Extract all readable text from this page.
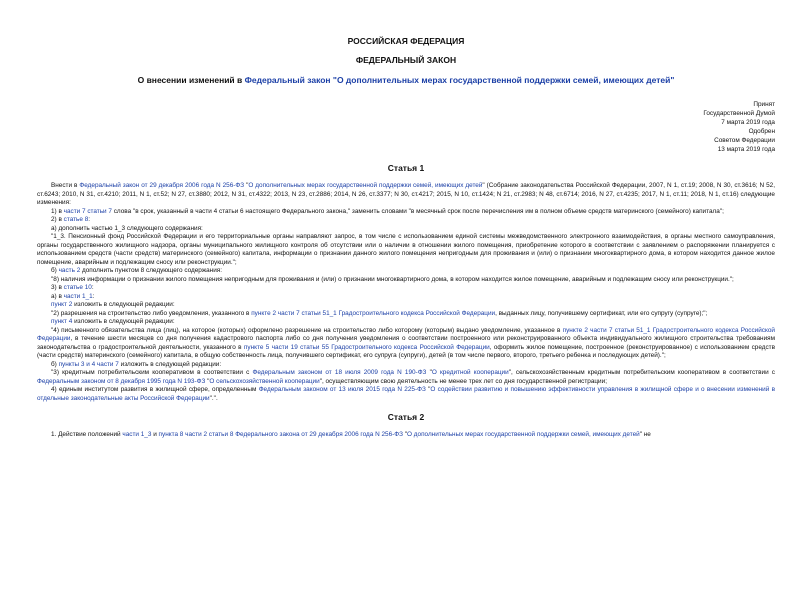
РОССИЙСКАЯ ФЕДЕРАЦИЯ
ФЕДЕРАЛЬНЫЙ ЗАКОН
О внесении изменений в Федеральный закон "О дополнительных мерах государственной поддержки семей, имеющих детей"
Принят
Государственной Думой
7 марта 2019 года
Одобрен
Советом Федерации
13 марта 2019 года
Статья 1

Внести в Федеральный закон от 29 декабря 2006 года N 256-ФЗ "О дополнительных мерах государственной поддержки семей, имеющих детей" (Собрание законодательства Российской Федерации, 2007, N 1, ст.19; 2008, N 30, ст.3616; N 52, ст.6243; 2010, N 31, ст.4210; 2011, N 1, ст.52; N 27, ст.3880; 2012, N 31, ст.4322; 2013, N 23, ст.2886; 2014, N 26, ст.3377; N 30, ст.4217; 2015, N 10, ст.1424; N 21, ст.2983; N 48, ст.6714; 2016, N 27, ст.4235; 2017, N 1, ст.11; 2018, N 1, ст.16) следующие изменения:

1) в части 7 статьи 7 слова "в срок, указанный в части 4 статьи 6 настоящего Федерального закона," заменить словами "в месячный срок после перечисления им в полном объеме средств материнского (семейного) капитала";

2) в статье 8:

а) дополнить частью 1_3 следующего содержания:

"1_3. Пенсионный фонд Российской Федерации и его территориальные органы направляют запрос, в том числе с использованием единой системы межведомственного электронного взаимодействия, в органы местного самоуправления, органы государственного жилищного надзора, органы муниципального жилищного контроля об отсутствии или о наличии в отношении жилого помещения, приобретение которого в соответствии с заявлением о распоряжении планируется с использованием средств (части средств) материнского (семейного) капитала, информации о признании данного жилого помещения непригодным для проживания и (или) о признании многоквартирного дома, в котором находится данное жилое помещение, аварийным и подлежащим сносу или реконструкции.";

б) часть 2 дополнить пунктом 8 следующего содержания:

"8) наличия информации о признании жилого помещения непригодным для проживания и (или) о признании многоквартирного дома, в котором находится жилое помещение, аварийным и подлежащим сносу или реконструкции.";

3) в статье 10:

а) в части 1_1:

пункт 2 изложить в следующей редакции:

"2) разрешения на строительство либо уведомления, указанного в пункте 2 части 7 статьи 51_1 Градостроительного кодекса Российской Федерации, выданных лицу, получившему сертификат, или его супругу (супруге);";

пункт 4 изложить в следующей редакции:

"4) письменного обязательства лица (лиц), на которое (которых) оформлено разрешение на строительство либо которому (которым) выдано уведомление, указанное в пункте 2 части 7 статьи 51_1 Градостроительного кодекса Российской Федерации, в течение шести месяцев со дня получения кадастрового паспорта либо со дня получения уведомления о соответствии построенного или реконструированного объекта индивидуального жилищного строительства требованиям законодательства о градостроительной деятельности, указанного в пункте 5 части 19 статьи 55 Градостроительного кодекса Российской Федерации, оформить жилое помещение, построенное (реконструированное) с использованием средств (части средств) материнского (семейного) капитала, в общую собственность лица, получившего сертификат, его супруга (супруги), детей (в том числе первого, второго, третьего ребенка и последующих детей).";

б) пункты 3 и 4 части 7 изложить в следующей редакции:

"3) кредитным потребительским кооперативом в соответствии с Федеральным законом от 18 июля 2009 года N 190-ФЗ "О кредитной кооперации", сельскохозяйственным кредитным потребительским кооперативом в соответствии с Федеральным законом от 8 декабря 1995 года N 193-ФЗ "О сельскохозяйственной кооперации", осуществляющим свою деятельность не менее трех лет со дня государственной регистрации;

4) единым институтом развития в жилищной сфере, определенным Федеральным законом от 13 июля 2015 года N 225-ФЗ "О содействии развитию и повышению эффективности управления в жилищной сфере и о внесении изменений в отдельные законодательные акты Российской Федерации".".

Статья 2

1. Действие положений части 1_3 и пункта 8 части 2 статьи 8 Федерального закона от 29 декабря 2006 года N 256-ФЗ "О дополнительных мерах государственной поддержки семей, имеющих детей" не
